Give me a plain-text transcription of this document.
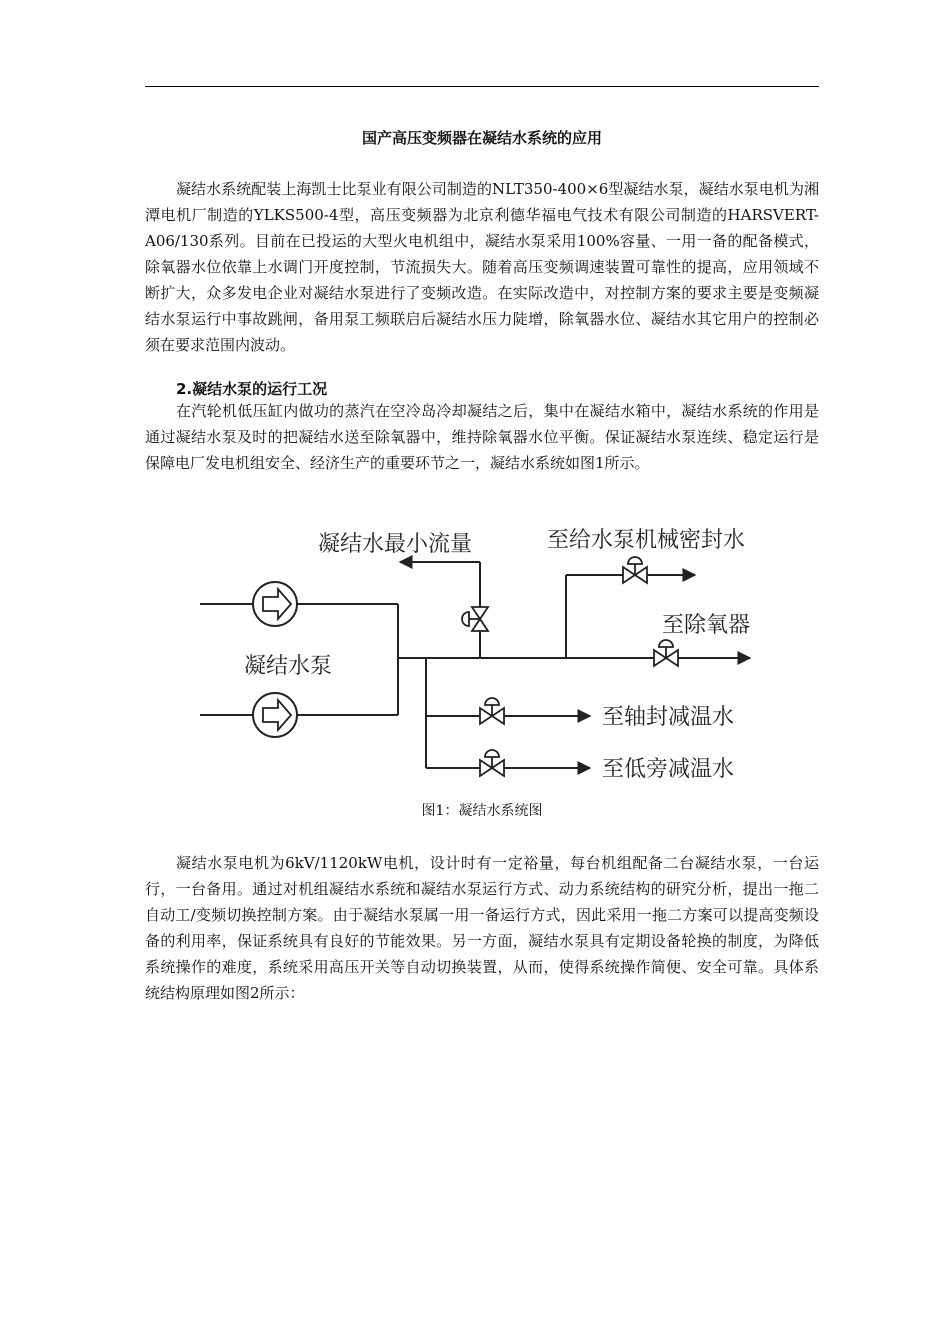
国产高压变频器在凝结水系统的应用

凝结水系统配装上海凯士比泵业有限公司制造的NLT350-400×6型凝结水泵，凝结水泵电机为湘潭电机厂制造的YLKS500-4型，高压变频器为北京利德华福电气技术有限公司制造的HARSVERT-A06/130系列。目前在已投运的大型火电机组中，凝结水泵采用100%容量、一用一备的配备模式，除氧器水位依靠上水调门开度控制，节流损失大。随着高压变频调速装置可靠性的提高，应用领域不断扩大，众多发电企业对凝结水泵进行了变频改造。在实际改造中，对控制方案的要求主要是变频凝结水泵运行中事故跳闸，备用泵工频联启后凝结水压力陡增，除氧器水位、凝结水其它用户的控制必须在要求范围内波动。

2.凝结水泵的运行工况

在汽轮机低压缸内做功的蒸汽在空冷岛冷却凝结之后，集中在凝结水箱中，凝结水系统的作用是通过凝结水泵及时的把凝结水送至除氧器中，维持除氧器水位平衡。保证凝结水泵连续、稳定运行是保障电厂发电机组安全、经济生产的重要环节之一，凝结水系统如图1所示。

凝结水最小流量	至给水泵机械密封水
至除氧器
凝结水泵
至轴封减温水
至低旁减温水
图1：凝结水系统图

凝结水泵电机为6kV/1120kW电机，设计时有一定裕量，每台机组配备二台凝结水泵，一台运行，一台备用。通过对机组凝结水系统和凝结水泵运行方式、动力系统结构的研究分析，提出一拖二自动工/变频切换控制方案。由于凝结水泵属一用一备运行方式，因此采用一拖二方案可以提高变频设备的利用率，保证系统具有良好的节能效果。另一方面，凝结水泵具有定期设备轮换的制度，为降低系统操作的难度，系统采用高压开关等自动切换装置，从而，使得系统操作简便、安全可靠。具体系统结构原理如图2所示：
